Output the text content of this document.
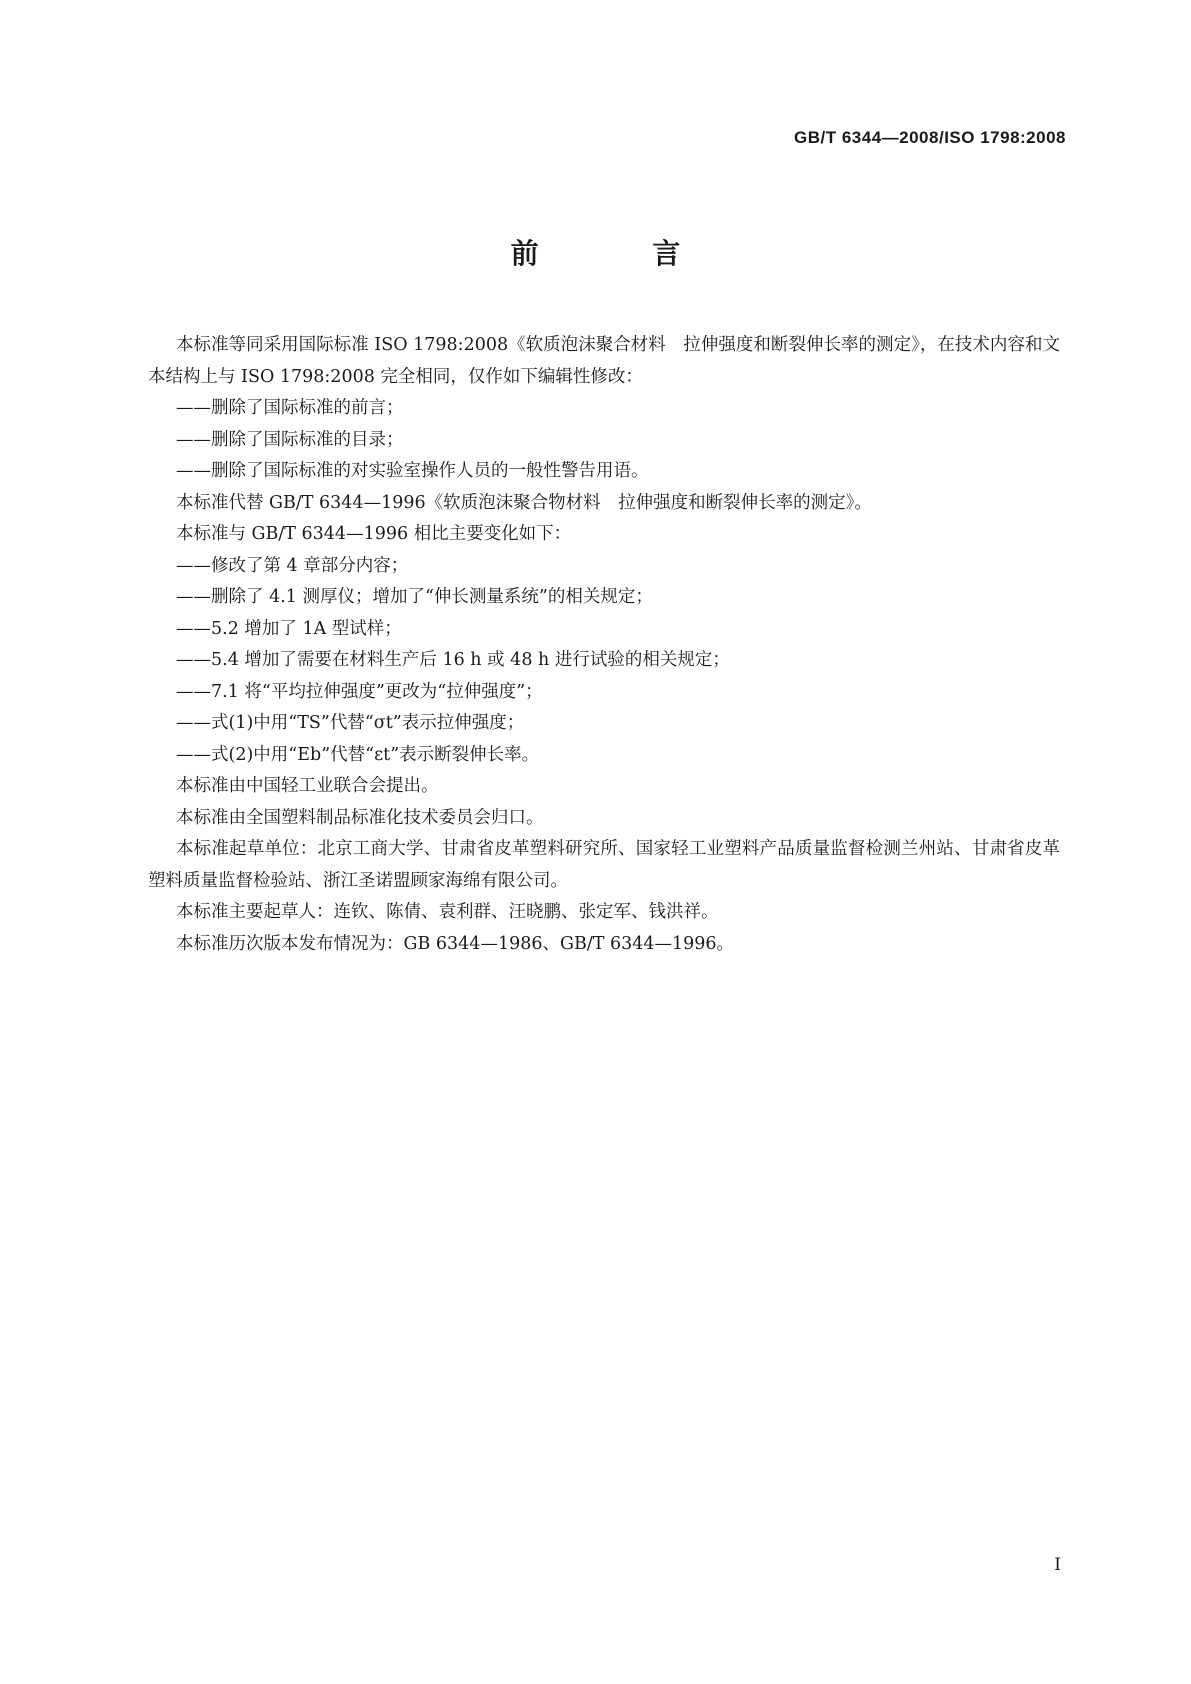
GB/T 6344—2008/ISO 1798:2008
前 言

本标准等同采用国际标准 ISO 1798:2008《软质泡沫聚合材料　拉伸强度和断裂伸长率的测定》，在技术内容和文本结构上与 ISO 1798:2008 完全相同，仅作如下编辑性修改：

——删除了国际标准的前言；

——删除了国际标准的目录；

——删除了国际标准的对实验室操作人员的一般性警告用语。

本标准代替 GB/T 6344—1996《软质泡沫聚合物材料　拉伸强度和断裂伸长率的测定》。

本标准与 GB/T 6344—1996 相比主要变化如下：

——修改了第 4 章部分内容；

——删除了 4.1 测厚仪；增加了“伸长测量系统”的相关规定；

——5.2 增加了 1A 型试样；

——5.4 增加了需要在材料生产后 16 h 或 48 h 进行试验的相关规定；

——7.1 将“平均拉伸强度”更改为“拉伸强度”；

——式(1)中用“TS”代替“σt”表示拉伸强度；

——式(2)中用“Eb”代替“εt”表示断裂伸长率。

本标准由中国轻工业联合会提出。

本标准由全国塑料制品标准化技术委员会归口。

本标准起草单位：北京工商大学、甘肃省皮革塑料研究所、国家轻工业塑料产品质量监督检测兰州站、甘肃省皮革塑料质量监督检验站、浙江圣诺盟顾家海绵有限公司。

本标准主要起草人：连钦、陈倩、袁利群、汪晓鹏、张定军、钱洪祥。

本标准历次版本发布情况为：GB 6344—1986、GB/T 6344—1996。

I
